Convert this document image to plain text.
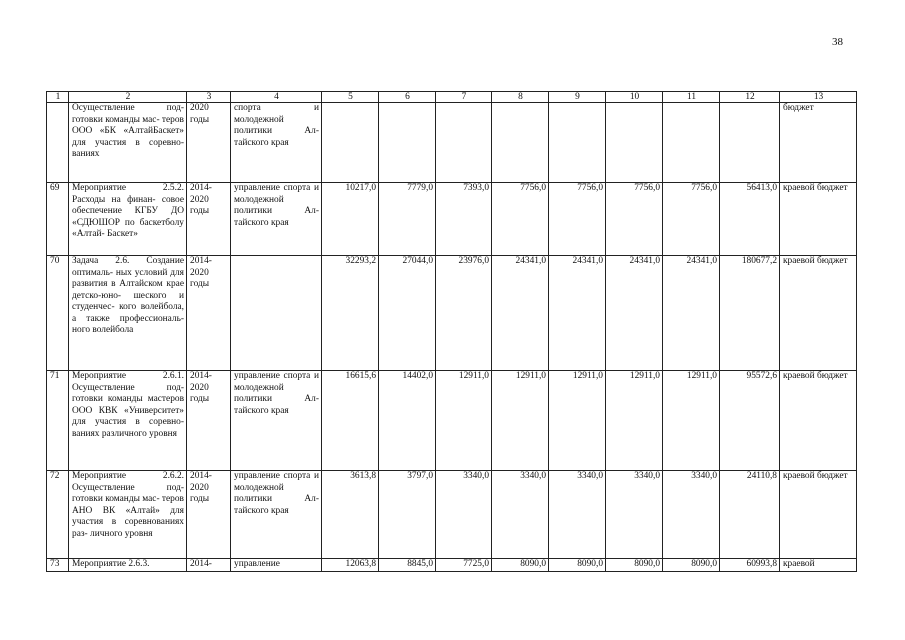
38
1	2	3	4	5	6	7	8	9	10	11	12	13
	Осуществление под- готовки команды мас- теров ООО «БК «АлтайБаскет» для участия в соревно- ваниях	2020 годы	спорта и молодежной политики Ал- тайского края									бюджет
69	Мероприятие 2.5.2. Расходы на финан- совое обеспечение КГБУ ДО «СДЮШОР по баскетболу «Алтай- Баскет»	2014- 2020 годы	управление спорта и молодежной политики Ал- тайского края	10217,0	7779,0	7393,0	7756,0	7756,0	7756,0	7756,0	56413,0	краевой бюджет
70	Задача 2.6. Создание оптималь- ных условий для развития в Алтайском крае детско-юно- шеского и студенчес- кого волейбола, а также профессиональ- ного волейбола	2014- 2020 годы		32293,2	27044,0	23976,0	24341,0	24341,0	24341,0	24341,0	180677,2	краевой бюджет
71	Мероприятие 2.6.1. Осуществление под- готовки команды мастеров ООО КВК «Университет» для участия в соревно- ваниях различного уровня	2014- 2020 годы	управление спорта и молодежной политики Ал- тайского края	16615,6	14402,0	12911,0	12911,0	12911,0	12911,0	12911,0	95572,6	краевой бюджет
72	Мероприятие 2.6.2. Осуществление под- готовки команды мас- теров АНО ВК «Алтай» для участия в соревнованиях раз- личного уровня	2014- 2020 годы	управление спорта и молодежной политики Ал- тайского края	3613,8	3797,0	3340,0	3340,0	3340,0	3340,0	3340,0	24110,8	краевой бюджет
73	Мероприятие 2.6.3.	2014-	управление	12063,8	8845,0	7725,0	8090,0	8090,0	8090,0	8090,0	60993,8	краевой
